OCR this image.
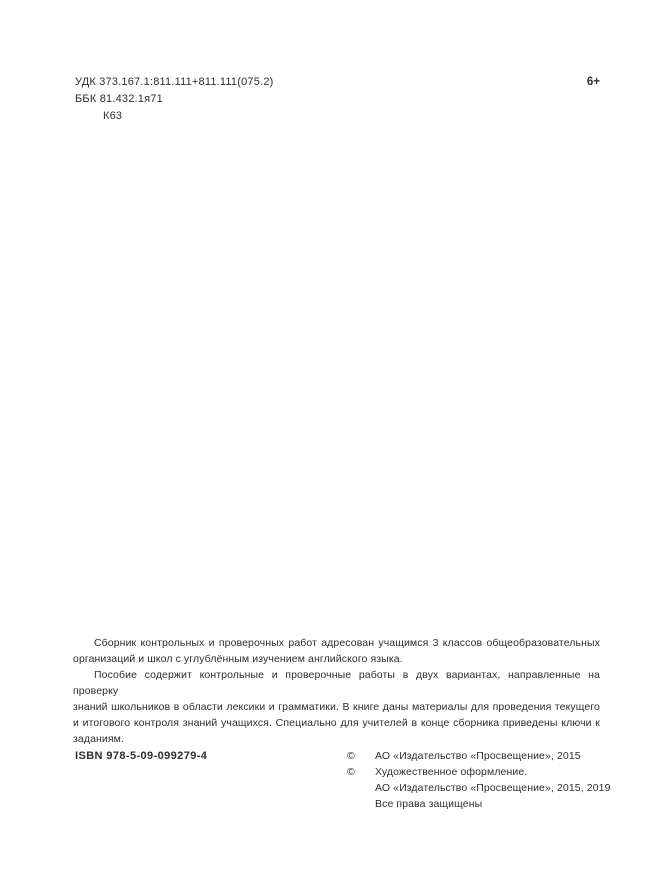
УДК 373.167.1:811.111+811.111(075.2)
ББК 81.432.1я71
К63
6+
Сборник контрольных и проверочных работ адресован учащимся 3 классов общеобразовательных
организаций и школ с углублённым изучением английского языка.
Пособие содержит контрольные и проверочные работы в двух вариантах, направленные на проверку
знаний школьников в области лексики и грамматики. В книге даны материалы для проведения текущего
и итогового контроля знаний учащихся. Специально для учителей в конце сборника приведены ключи к
заданиям.
ISBN 978-5-09-099279-4	©	АО «Издательство «Просвещение», 2015
©	Художественное оформление.
АО «Издательство «Просвещение», 2015, 2019
Все права защищены
